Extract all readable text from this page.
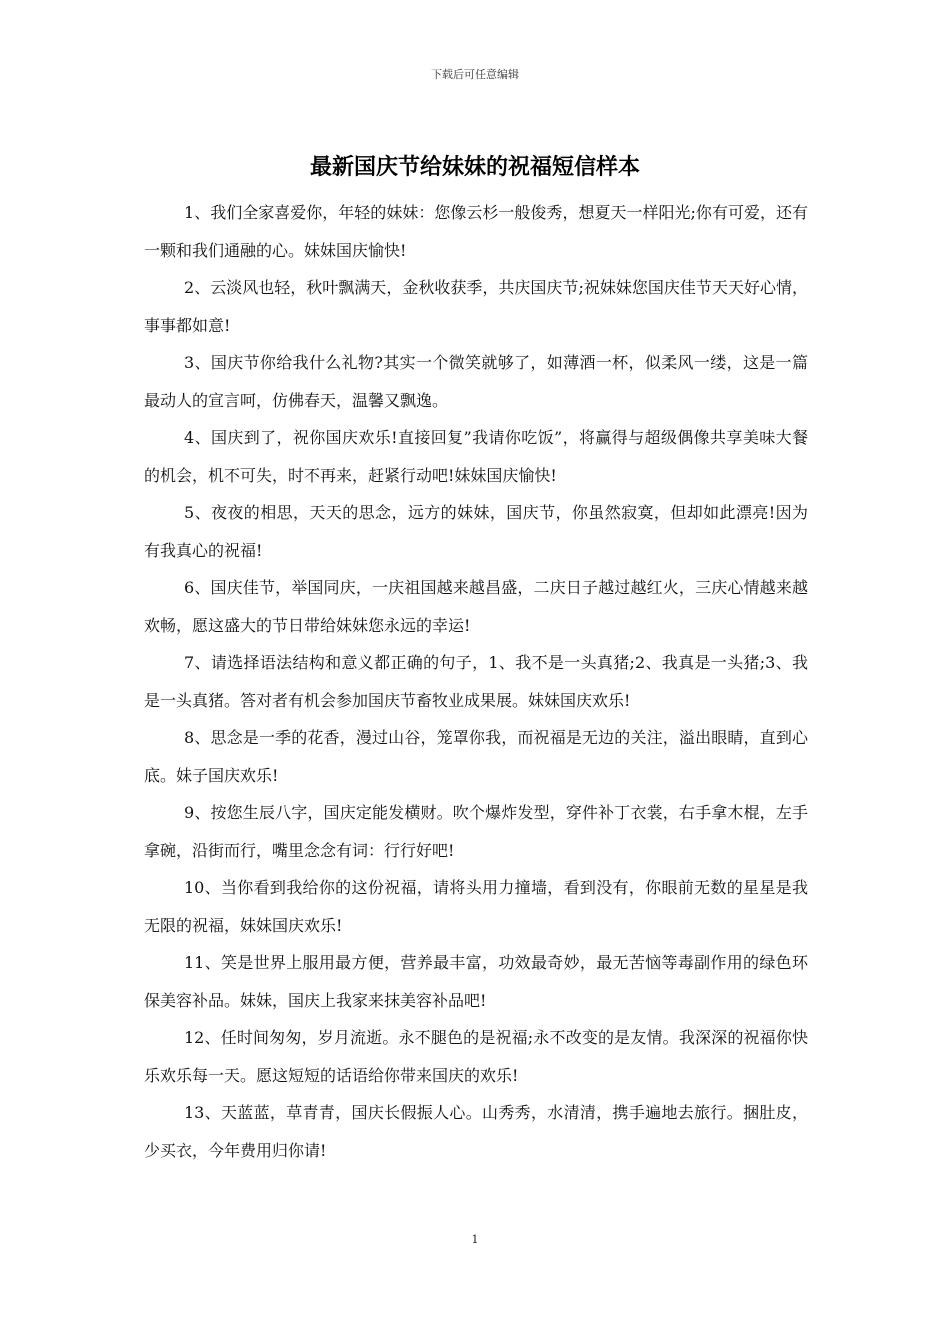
下载后可任意编辑
最新国庆节给妹妹的祝福短信样本

1、我们全家喜爱你，年轻的妹妹：您像云杉一般俊秀，想夏天一样阳光;你有可爱，还有一颗和我们通融的心。妹妹国庆愉快!

2、云淡风也轻，秋叶飘满天，金秋收获季，共庆国庆节;祝妹妹您国庆佳节天天好心情，事事都如意!

3、国庆节你给我什么礼物?其实一个微笑就够了，如薄酒一杯，似柔风一缕，这是一篇最动人的宣言呵，仿佛春天，温馨又飘逸。

4、国庆到了，祝你国庆欢乐!直接回复”我请你吃饭”，将赢得与超级偶像共享美味大餐的机会，机不可失，时不再来，赶紧行动吧!妹妹国庆愉快!

5、夜夜的相思，天天的思念，远方的妹妹，国庆节，你虽然寂寞，但却如此漂亮!因为有我真心的祝福!

6、国庆佳节，举国同庆，一庆祖国越来越昌盛，二庆日子越过越红火，三庆心情越来越欢畅，愿这盛大的节日带给妹妹您永远的幸运!

7、请选择语法结构和意义都正确的句子，1、我不是一头真猪;2、我真是一头猪;3、我是一头真猪。答对者有机会参加国庆节畜牧业成果展。妹妹国庆欢乐!

8、思念是一季的花香，漫过山谷，笼罩你我，而祝福是无边的关注，溢出眼睛，直到心底。妹子国庆欢乐!

9、按您生辰八字，国庆定能发横财。吹个爆炸发型，穿件补丁衣裳，右手拿木棍，左手拿碗，沿街而行，嘴里念念有词：行行好吧!

10、当你看到我给你的这份祝福，请将头用力撞墙，看到没有，你眼前无数的星星是我无限的祝福，妹妹国庆欢乐!

11、笑是世界上服用最方便，营养最丰富，功效最奇妙，最无苦恼等毒副作用的绿色环保美容补品。妹妹，国庆上我家来抹美容补品吧!

12、任时间匆匆，岁月流逝。永不腿色的是祝福;永不改变的是友情。我深深的祝福你快乐欢乐每一天。愿这短短的话语给你带来国庆的欢乐!

13、天蓝蓝，草青青，国庆长假振人心。山秀秀，水清清，携手遍地去旅行。捆肚皮，少买衣，今年费用归你请!

1
